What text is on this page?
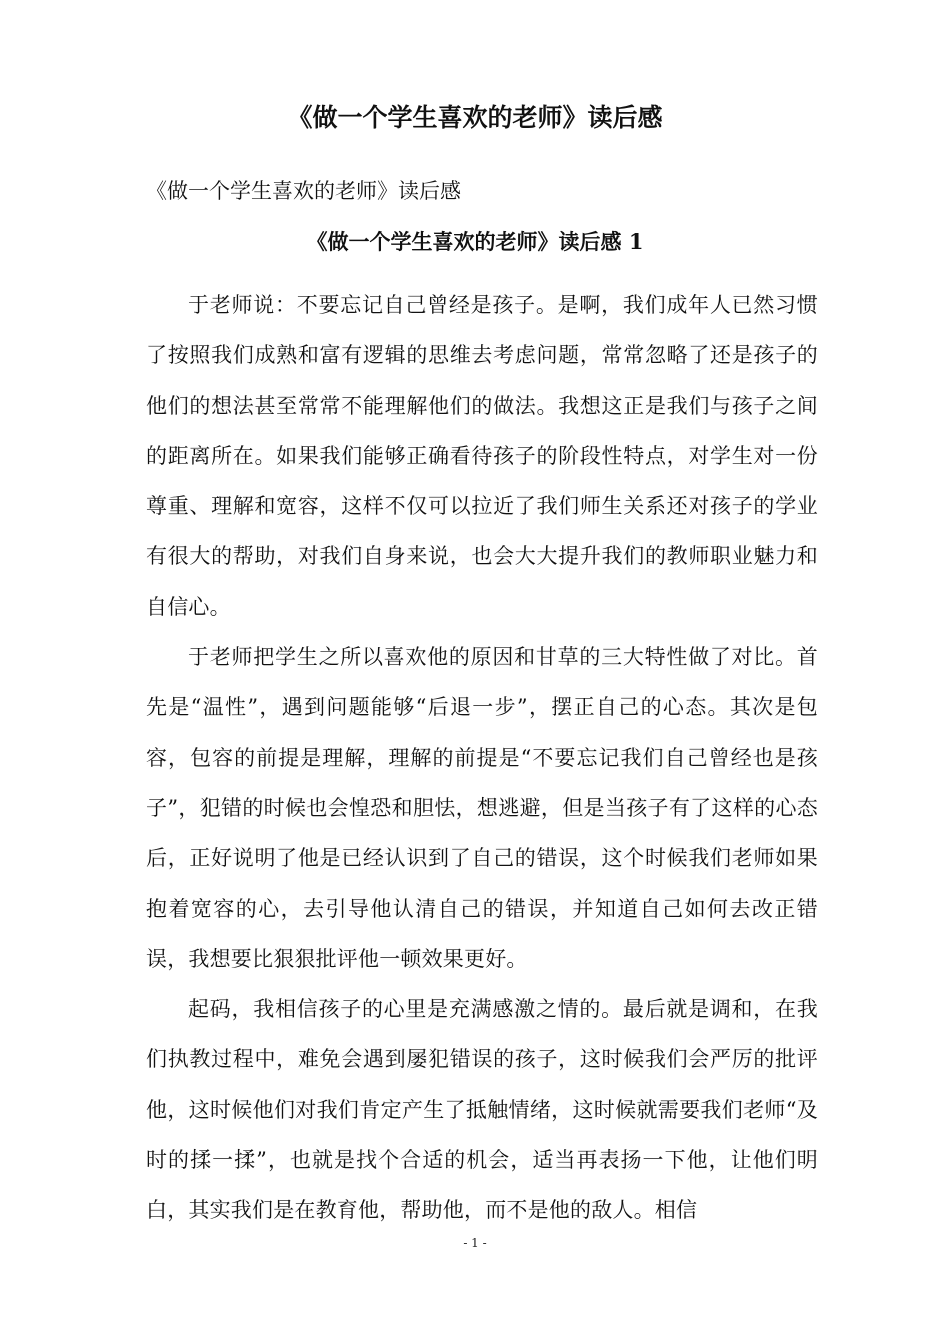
《做一个学生喜欢的老师》读后感
《做一个学生喜欢的老师》读后感
《做一个学生喜欢的老师》读后感 1

于老师说：不要忘记自己曾经是孩子。是啊，我们成年人已然习惯了按照我们成熟和富有逻辑的思维去考虑问题，常常忽略了还是孩子的他们的想法甚至常常不能理解他们的做法。我想这正是我们与孩子之间的距离所在。如果我们能够正确看待孩子的阶段性特点，对学生对一份尊重、理解和宽容，这样不仅可以拉近了我们师生关系还对孩子的学业有很大的帮助，对我们自身来说，也会大大提升我们的教师职业魅力和自信心。

于老师把学生之所以喜欢他的原因和甘草的三大特性做了对比。首先是“温性”，遇到问题能够“后退一步”，摆正自己的心态。其次是包容，包容的前提是理解，理解的前提是“不要忘记我们自己曾经也是孩子”，犯错的时候也会惶恐和胆怯，想逃避，但是当孩子有了这样的心态后，正好说明了他是已经认识到了自己的错误，这个时候我们老师如果抱着宽容的心，去引导他认清自己的错误，并知道自己如何去改正错误，我想要比狠狠批评他一顿效果更好。

起码，我相信孩子的心里是充满感激之情的。最后就是调和，在我们执教过程中，难免会遇到屡犯错误的孩子，这时候我们会严厉的批评他，这时候他们对我们肯定产生了抵触情绪，这时候就需要我们老师“及时的揉一揉”，也就是找个合适的机会，适当再表扬一下他，让他们明白，其实我们是在教育他，帮助他，而不是他的敌人。相信

- 1 -
